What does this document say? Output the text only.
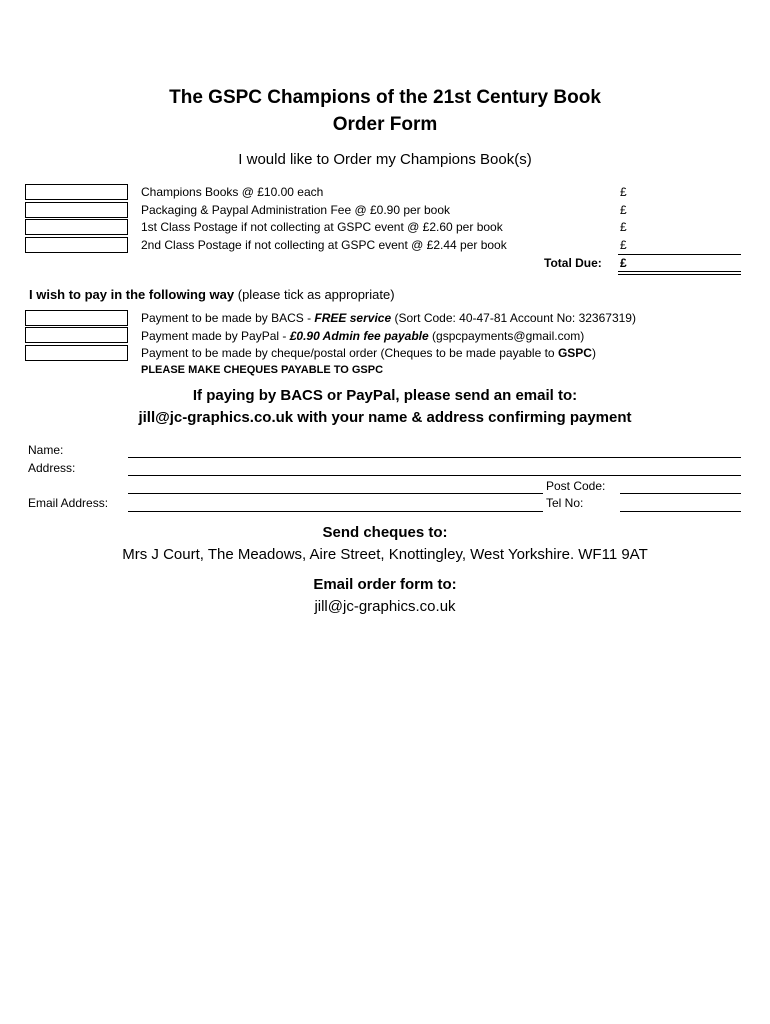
The GSPC Champions of the 21st Century Book
Order Form
I would like to Order my Champions Book(s)
Champions Books @ £10.00 each
Packaging & Paypal Administration Fee @ £0.90 per book
1st Class Postage if not collecting at GSPC event @ £2.60 per book
2nd Class Postage if not collecting at GSPC event @ £2.44 per book
£
£
£
£
Total Due: £
I wish to pay in the following way (please tick as appropriate)
Payment to be made by BACS - FREE service (Sort Code: 40-47-81 Account No: 32367319)
Payment made by PayPal - £0.90 Admin fee payable (gspcpayments@gmail.com)
Payment to be made by cheque/postal order (Cheques to be made payable to GSPC)
PLEASE MAKE CHEQUES PAYABLE TO GSPC
If paying by BACS or PayPal, please send an email to:
jill@jc-graphics.co.uk with your name & address confirming payment
Name:
Address:
Post Code:
Email Address:	Tel No:
Send cheques to:
Mrs J Court, The Meadows, Aire Street, Knottingley, West Yorkshire. WF11 9AT
Email order form to:
jill@jc-graphics.co.uk
